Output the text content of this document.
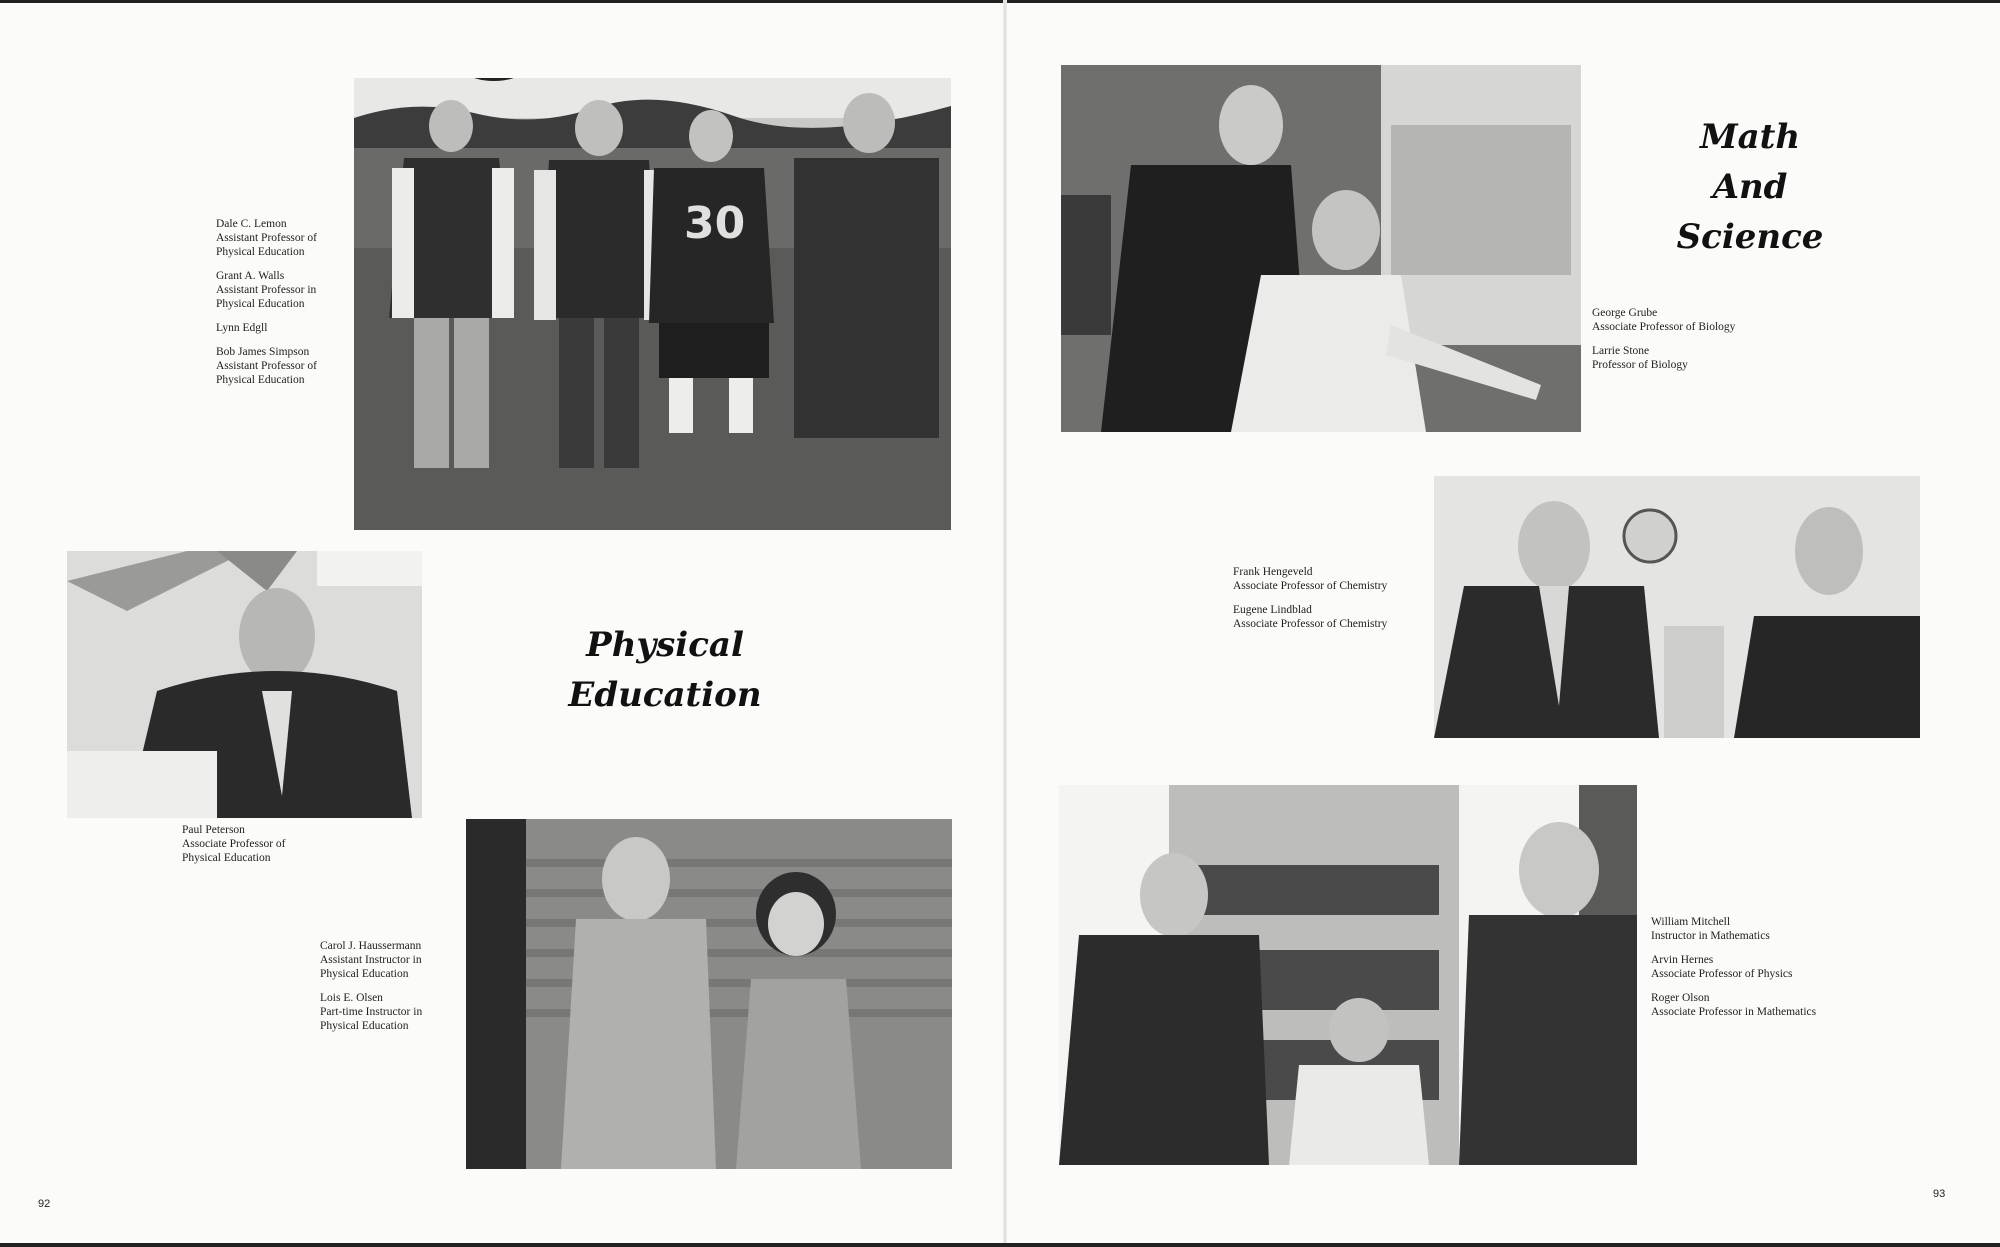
30
Dale C. Lemon
Assistant Professor of
Physical Education
Grant A. Walls
Assistant Professor in
Physical Education
Lynn Edgll
Bob James Simpson
Assistant Professor of
Physical Education
Paul Peterson
Associate Professor of
Physical Education
Physical
Education
Carol J. Haussermann
Assistant Instructor in
Physical Education
Lois E. Olsen
Part-time Instructor in
Physical Education
92
Math
And
Science
George Grube
Associate Professor of Biology
Larrie Stone
Professor of Biology
Frank Hengeveld
Associate Professor of Chemistry
Eugene Lindblad
Associate Professor of Chemistry
William Mitchell
Instructor in Mathematics
Arvin Hernes
Associate Professor of Physics
Roger Olson
Associate Professor in Mathematics
93
